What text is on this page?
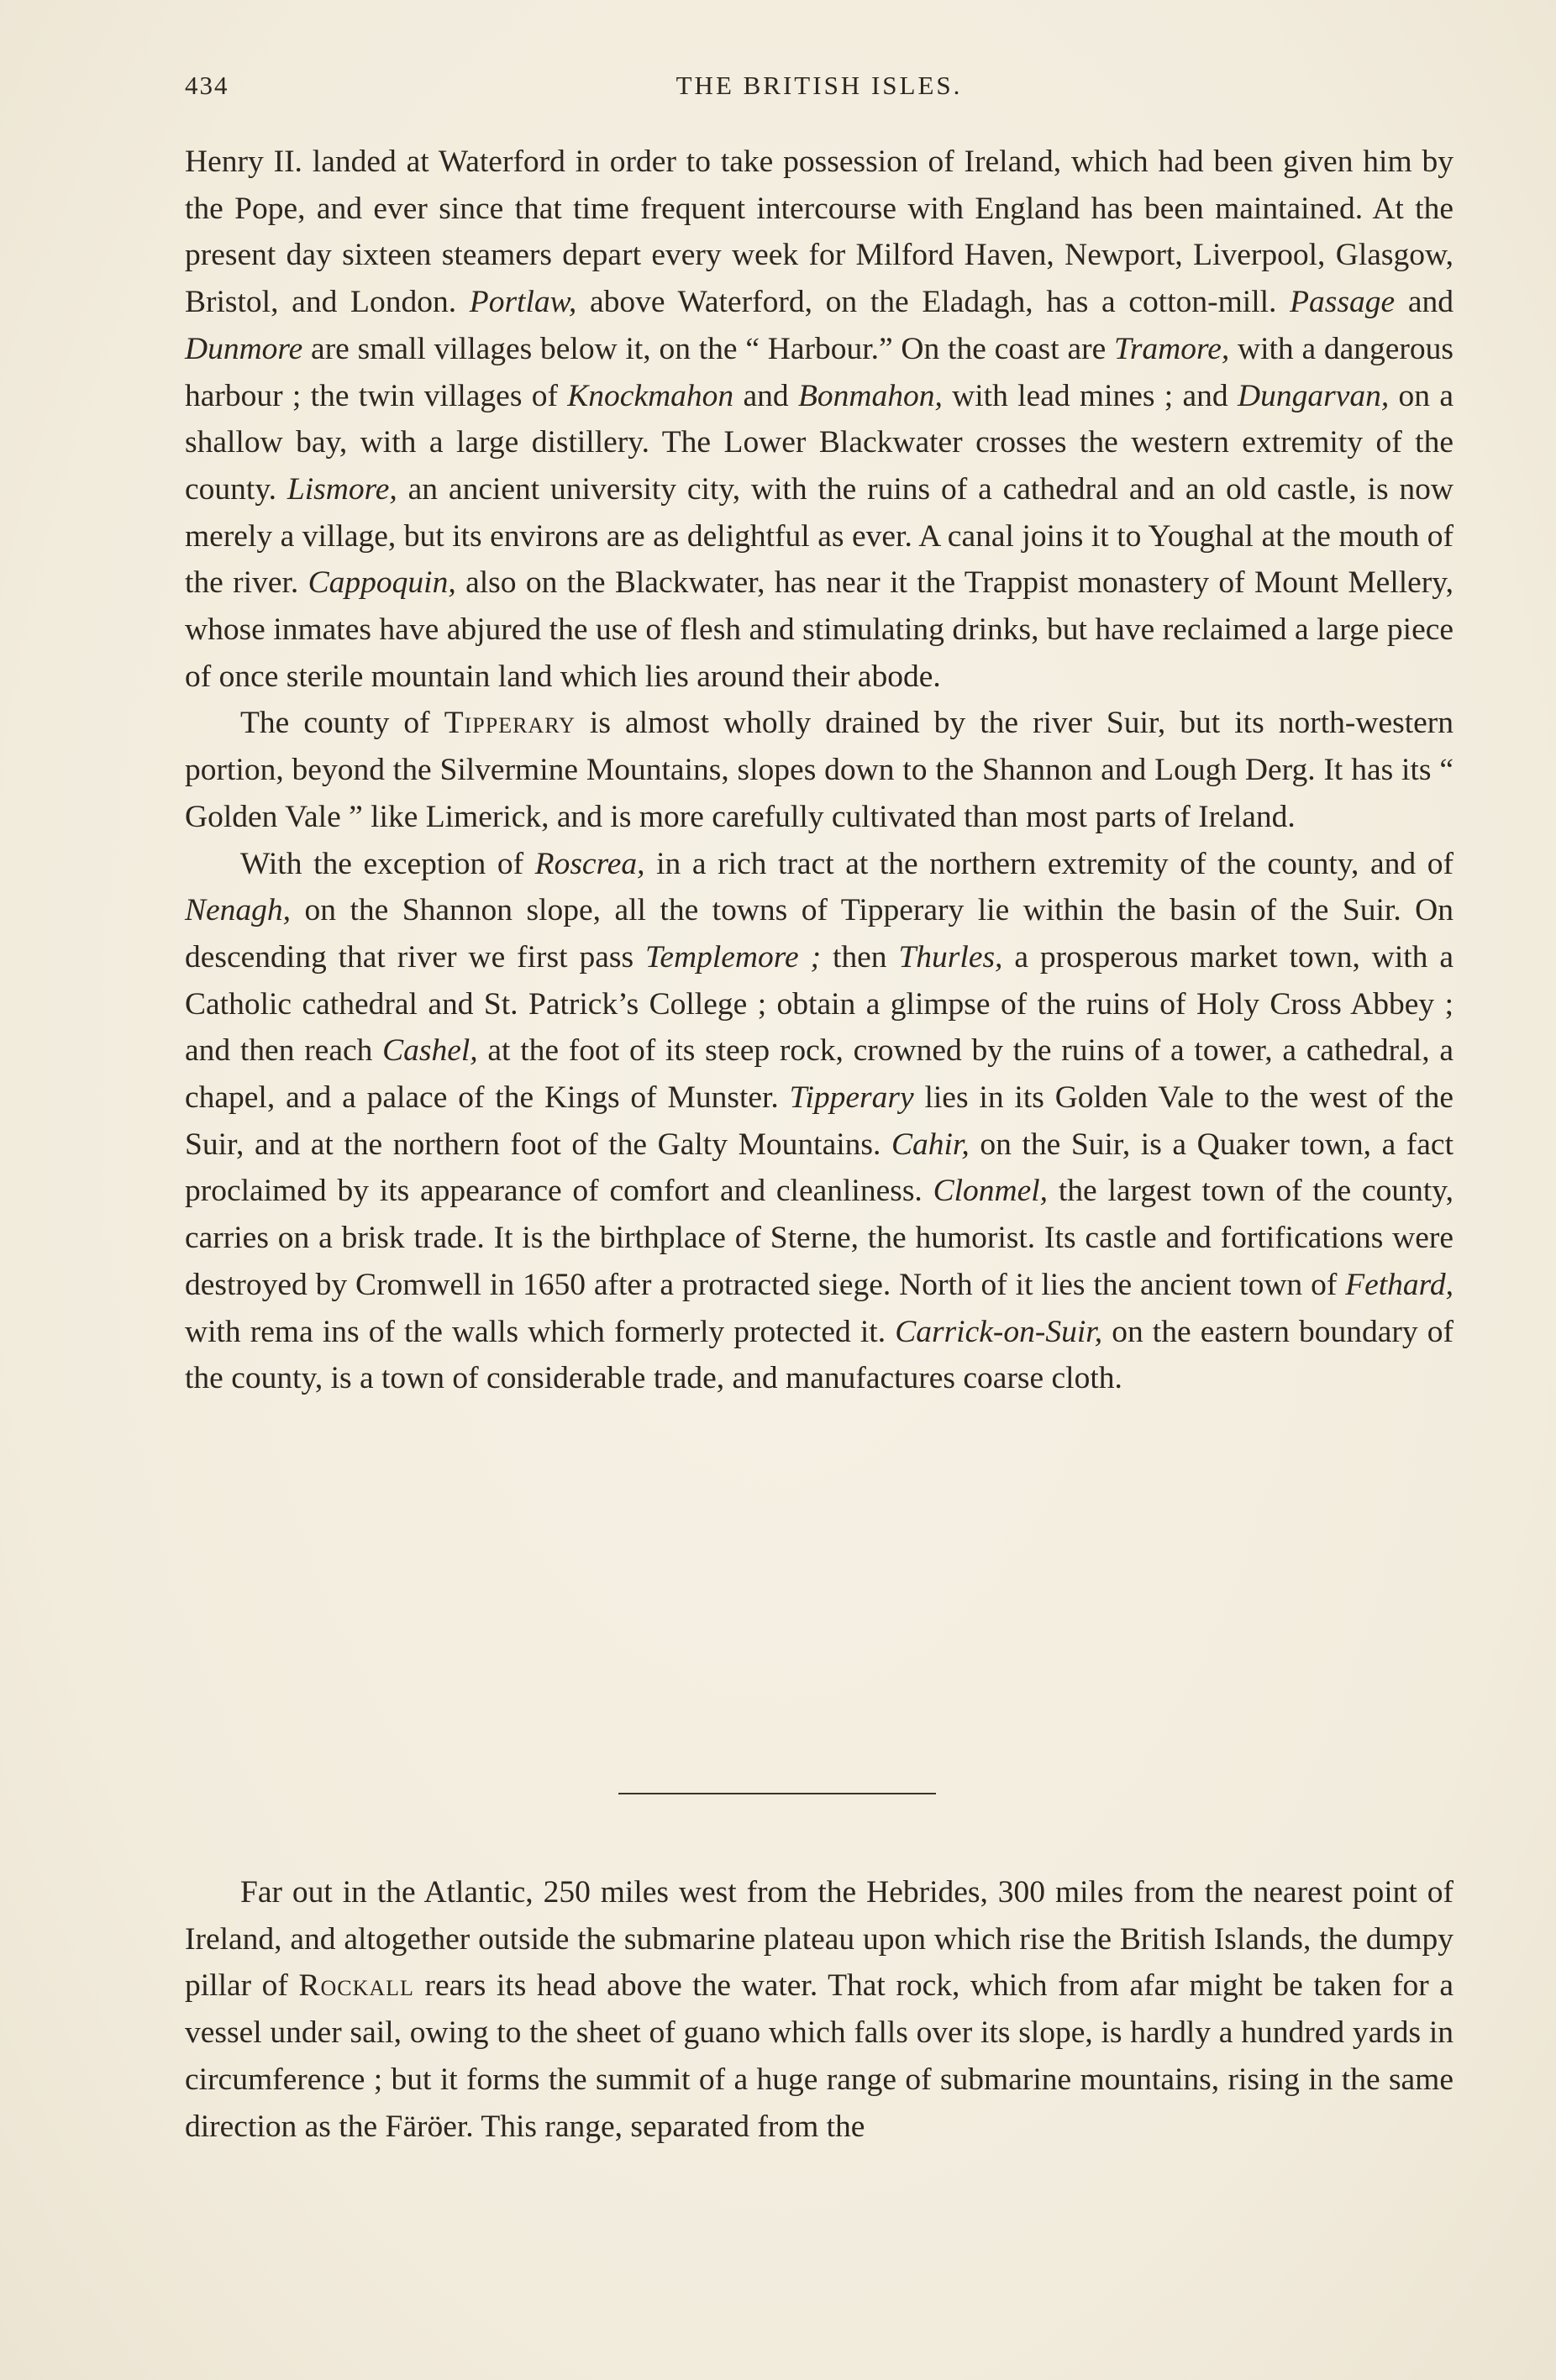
434	THE BRITISH ISLES.

Henry II. landed at Waterford in order to take possession of Ireland, which had been given him by the Pope, and ever since that time frequent intercourse with England has been maintained. At the present day sixteen steamers depart every week for Milford Haven, Newport, Liverpool, Glasgow, Bristol, and London. Portlaw, above Waterford, on the Eladagh, has a cotton-mill. Passage and Dunmore are small villages below it, on the “ Harbour.” On the coast are Tramore, with a dangerous harbour ; the twin villages of Knockmahon and Bonmahon, with lead mines ; and Dungarvan, on a shallow bay, with a large distillery. The Lower Blackwater crosses the western extremity of the county. Lismore, an ancient university city, with the ruins of a cathedral and an old castle, is now merely a village, but its environs are as delightful as ever. A canal joins it to Youghal at the mouth of the river. Cappoquin, also on the Blackwater, has near it the Trappist monastery of Mount Mellery, whose inmates have abjured the use of flesh and stimulating drinks, but have reclaimed a large piece of once sterile mountain land which lies around their abode.

The county of Tipperary is almost wholly drained by the river Suir, but its north-western portion, beyond the Silvermine Mountains, slopes down to the Shannon and Lough Derg. It has its “ Golden Vale ” like Limerick, and is more carefully cultivated than most parts of Ireland.

With the exception of Roscrea, in a rich tract at the northern extremity of the county, and of Nenagh, on the Shannon slope, all the towns of Tipperary lie within the basin of the Suir. On descending that river we first pass Templemore ; then Thurles, a prosperous market town, with a Catholic cathedral and St. Patrick’s College ; obtain a glimpse of the ruins of Holy Cross Abbey ; and then reach Cashel, at the foot of its steep rock, crowned by the ruins of a tower, a cathedral, a chapel, and a palace of the Kings of Munster. Tipperary lies in its Golden Vale to the west of the Suir, and at the northern foot of the Galty Mountains. Cahir, on the Suir, is a Quaker town, a fact proclaimed by its appearance of comfort and cleanliness. Clonmel, the largest town of the county, carries on a brisk trade. It is the birthplace of Sterne, the humorist. Its castle and fortifications were destroyed by Cromwell in 1650 after a protracted siege. North of it lies the ancient town of Fethard, with rema ins of the walls which formerly protected it. Carrick-on-Suir, on the eastern boundary of the county, is a town of considerable trade, and manufactures coarse cloth.

Far out in the Atlantic, 250 miles west from the Hebrides, 300 miles from the nearest point of Ireland, and altogether outside the submarine plateau upon which rise the British Islands, the dumpy pillar of Rockall rears its head above the water. That rock, which from afar might be taken for a vessel under sail, owing to the sheet of guano which falls over its slope, is hardly a hundred yards in circumference ; but it forms the summit of a huge range of submarine mountains, rising in the same direction as the Färöer. This range, separated from the
